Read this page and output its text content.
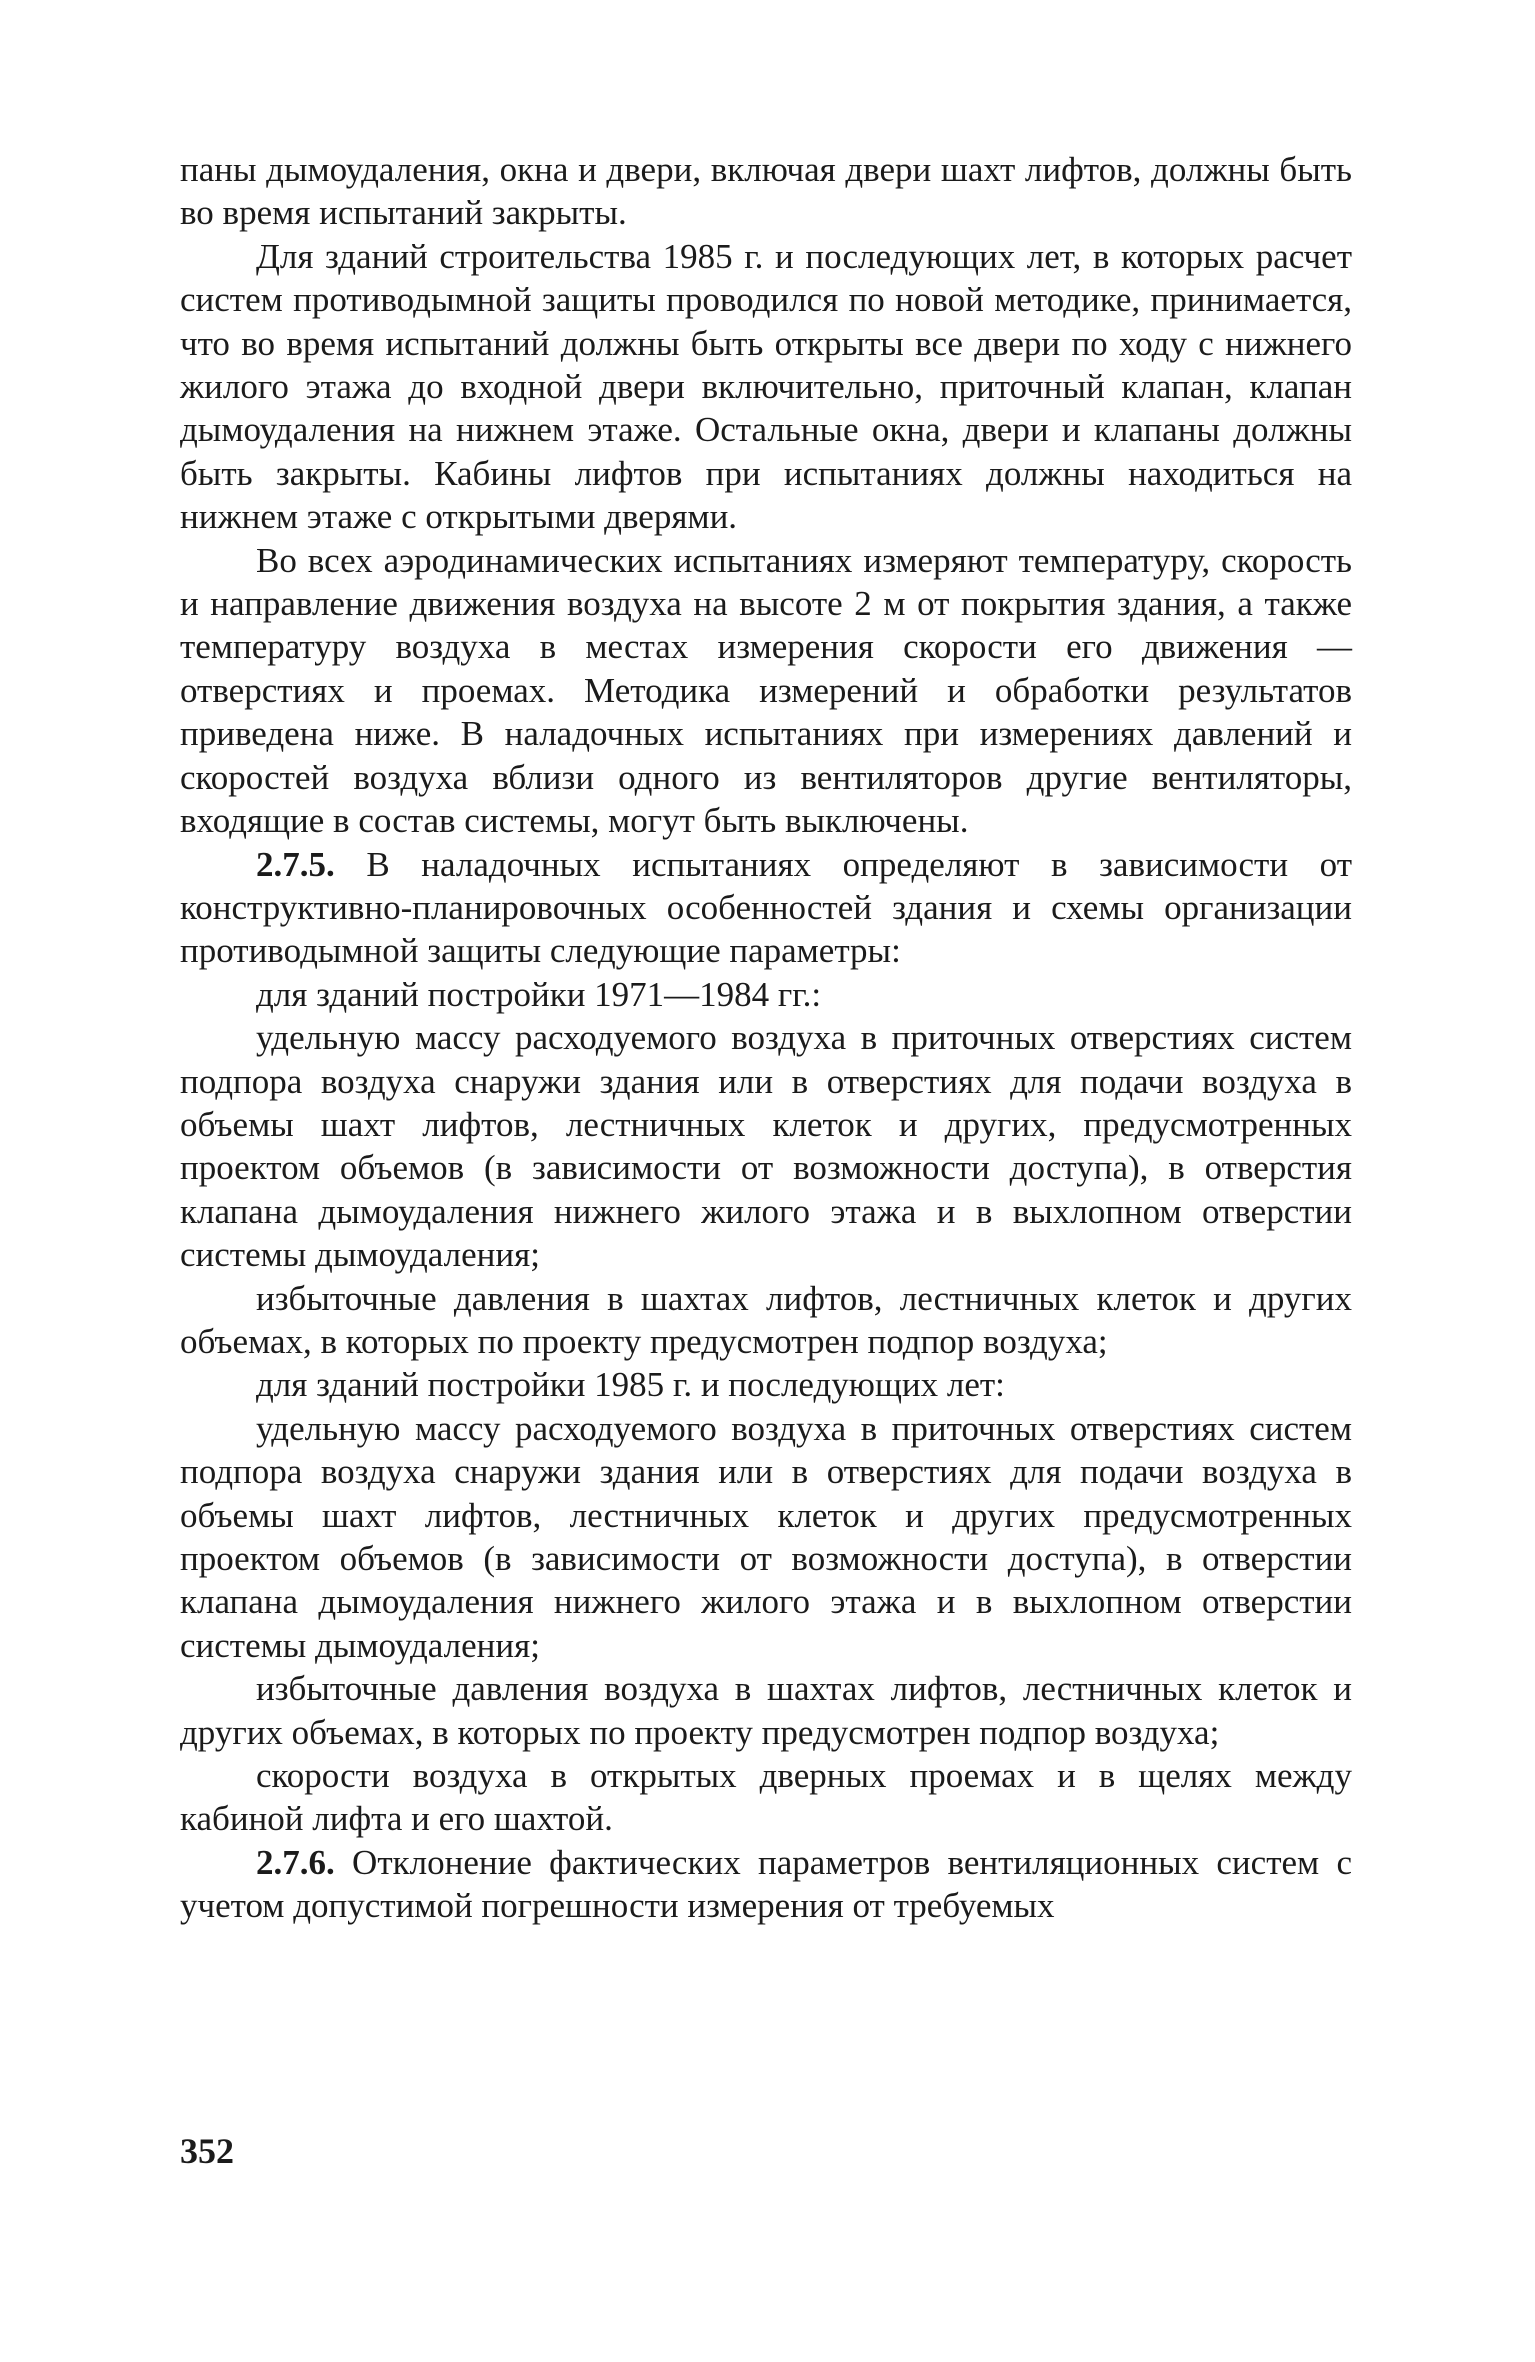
паны дымоудаления, окна и двери, включая двери шахт лифтов, должны быть во время испытаний закрыты.

Для зданий строительства 1985 г. и последующих лет, в которых расчет систем противодымной защиты проводился по новой методике, принимается, что во время испытаний должны быть открыты все двери по ходу с нижнего жилого этажа до входной двери включительно, приточный клапан, клапан дымоудаления на нижнем этаже. Остальные окна, двери и клапаны должны быть закрыты. Кабины лифтов при испытаниях должны находиться на нижнем этаже с открытыми дверями.

Во всех аэродинамических испытаниях измеряют температуру, скорость и направление движения воздуха на высоте 2 м от покрытия здания, а также температуру воздуха в местах измерения скорости его движения — отверстиях и проемах. Методика измерений и обработки результатов приведена ниже. В наладочных испытаниях при измерениях давлений и скоростей воздуха вблизи одного из вентиляторов другие вентиляторы, входящие в состав системы, могут быть выключены.

2.7.5. В наладочных испытаниях определяют в зависимости от конструктивно-планировочных особенностей здания и схемы организации противодымной защиты следующие параметры:

для зданий постройки 1971—1984 гг.:

удельную массу расходуемого воздуха в приточных отверстиях систем подпора воздуха снаружи здания или в отверстиях для подачи воздуха в объемы шахт лифтов, лестничных клеток и других, предусмотренных проектом объемов (в зависимости от возможности доступа), в отверстия клапана дымоудаления нижнего жилого этажа и в выхлопном отверстии системы дымоудаления;

избыточные давления в шахтах лифтов, лестничных клеток и других объемах, в которых по проекту предусмотрен подпор воздуха;

для зданий постройки 1985 г. и последующих лет:

удельную массу расходуемого воздуха в приточных отверстиях систем подпора воздуха снаружи здания или в отверстиях для подачи воздуха в объемы шахт лифтов, лестничных клеток и других предусмотренных проектом объемов (в зависимости от возможности доступа), в отверстии клапана дымоудаления нижнего жилого этажа и в выхлопном отверстии системы дымоудаления;

избыточные давления воздуха в шахтах лифтов, лестничных клеток и других объемах, в которых по проекту предусмотрен подпор воздуха;

скорости воздуха в открытых дверных проемах и в щелях между кабиной лифта и его шахтой.

2.7.6. Отклонение фактических параметров вентиляционных систем с учетом допустимой погрешности измерения от требуемых

352
